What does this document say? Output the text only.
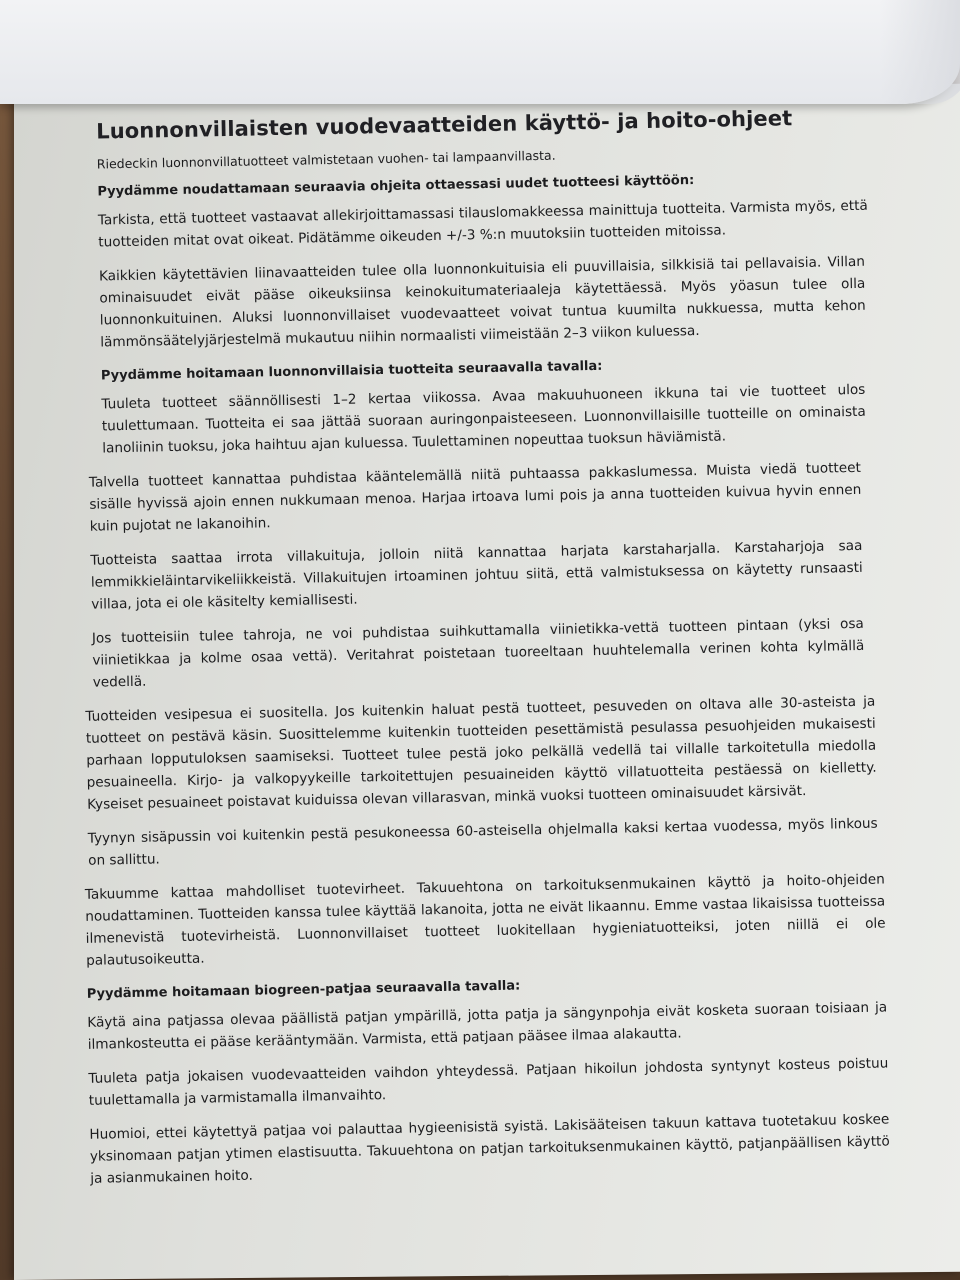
Luonnonvillaisten vuodevaatteiden käyttö- ja hoito-ohjeet

Riedeckin luonnonvillatuotteet valmistetaan vuohen- tai lampaanvillasta.

Pyydämme noudattamaan seuraavia ohjeita ottaessasi uudet tuotteesi käyttöön:

Tarkista, että tuotteet vastaavat allekirjoittamassasi tilauslomakkeessa mainittuja tuotteita. Varmista myös, että tuotteiden mitat ovat oikeat. Pidätämme oikeuden +/-3 %:n muutoksiin tuotteiden mitoissa.

Kaikkien käytettävien liinavaatteiden tulee olla luonnonkuituisia eli puuvillaisia, silkkisiä tai pellavaisia. Villan ominaisuudet eivät pääse oikeuksiinsa keinokuitumateriaaleja käytettäessä. Myös yöasun tulee olla luonnonkuituinen. Aluksi luonnonvillaiset vuodevaatteet voivat tuntua kuumilta nukkuessa, mutta kehon lämmönsäätelyjärjestelmä mukautuu niihin normaalisti viimeistään 2–3 viikon kuluessa.

Pyydämme hoitamaan luonnonvillaisia tuotteita seuraavalla tavalla:

Tuuleta tuotteet säännöllisesti 1–2 kertaa viikossa. Avaa makuuhuoneen ikkuna tai vie tuotteet ulos tuulettumaan. Tuotteita ei saa jättää suoraan auringonpaisteeseen. Luonnonvillaisille tuotteille on ominaista lanoliinin tuoksu, joka haihtuu ajan kuluessa. Tuulettaminen nopeuttaa tuoksun häviämistä.

Talvella tuotteet kannattaa puhdistaa kääntelemällä niitä puhtaassa pakkaslumessa. Muista viedä tuotteet sisälle hyvissä ajoin ennen nukkumaan menoa. Harjaa irtoava lumi pois ja anna tuotteiden kuivua hyvin ennen kuin pujotat ne lakanoihin.

Tuotteista saattaa irrota villakuituja, jolloin niitä kannattaa harjata karstaharjalla. Karstaharjoja saa lemmikkieläintarvikeliikkeistä. Villakuitujen irtoaminen johtuu siitä, että valmistuksessa on käytetty runsaasti villaa, jota ei ole käsitelty kemiallisesti.

Jos tuotteisiin tulee tahroja, ne voi puhdistaa suihkuttamalla viinietikka-vettä tuotteen pintaan (yksi osa viinietikkaa ja kolme osaa vettä). Veritahrat poistetaan tuoreeltaan huuhtelemalla verinen kohta kylmällä vedellä.

Tuotteiden vesipesua ei suositella. Jos kuitenkin haluat pestä tuotteet, pesuveden on oltava alle 30-asteista ja tuotteet on pestävä käsin. Suosittelemme kuitenkin tuotteiden pesettämistä pesulassa pesuohjeiden mukaisesti parhaan lopputuloksen saamiseksi. Tuotteet tulee pestä joko pelkällä vedellä tai villalle tarkoitetulla miedolla pesuaineella. Kirjo- ja valkopyykeille tarkoitettujen pesuaineiden käyttö villatuotteita pestäessä on kielletty. Kyseiset pesuaineet poistavat kuiduissa olevan villarasvan, minkä vuoksi tuotteen ominaisuudet kärsivät.

Tyynyn sisäpussin voi kuitenkin pestä pesukoneessa 60-asteisella ohjelmalla kaksi kertaa vuodessa, myös linkous on sallittu.

Takuumme kattaa mahdolliset tuotevirheet. Takuuehtona on tarkoituksenmukainen käyttö ja hoito-ohjeiden noudattaminen. Tuotteiden kanssa tulee käyttää lakanoita, jotta ne eivät likaannu. Emme vastaa likaisissa tuotteissa ilmenevistä tuotevirheistä. Luonnonvillaiset tuotteet luokitellaan hygieniatuotteiksi, joten niillä ei ole palautusoikeutta.

Pyydämme hoitamaan biogreen-patjaa seuraavalla tavalla:

Käytä aina patjassa olevaa päällistä patjan ympärillä, jotta patja ja sängynpohja eivät kosketa suoraan toisiaan ja ilmankosteutta ei pääse kerääntymään. Varmista, että patjaan pääsee ilmaa alakautta.

Tuuleta patja jokaisen vuodevaatteiden vaihdon yhteydessä. Patjaan hikoilun johdosta syntynyt kosteus poistuu tuulettamalla ja varmistamalla ilmanvaihto.

Huomioi, ettei käytettyä patjaa voi palauttaa hygieenisistä syistä. Lakisääteisen takuun kattava tuotetakuu koskee yksinomaan patjan ytimen elastisuutta. Takuuehtona on patjan tarkoituksenmukainen käyttö, patjanpäällisen käyttö ja asianmukainen hoito.
